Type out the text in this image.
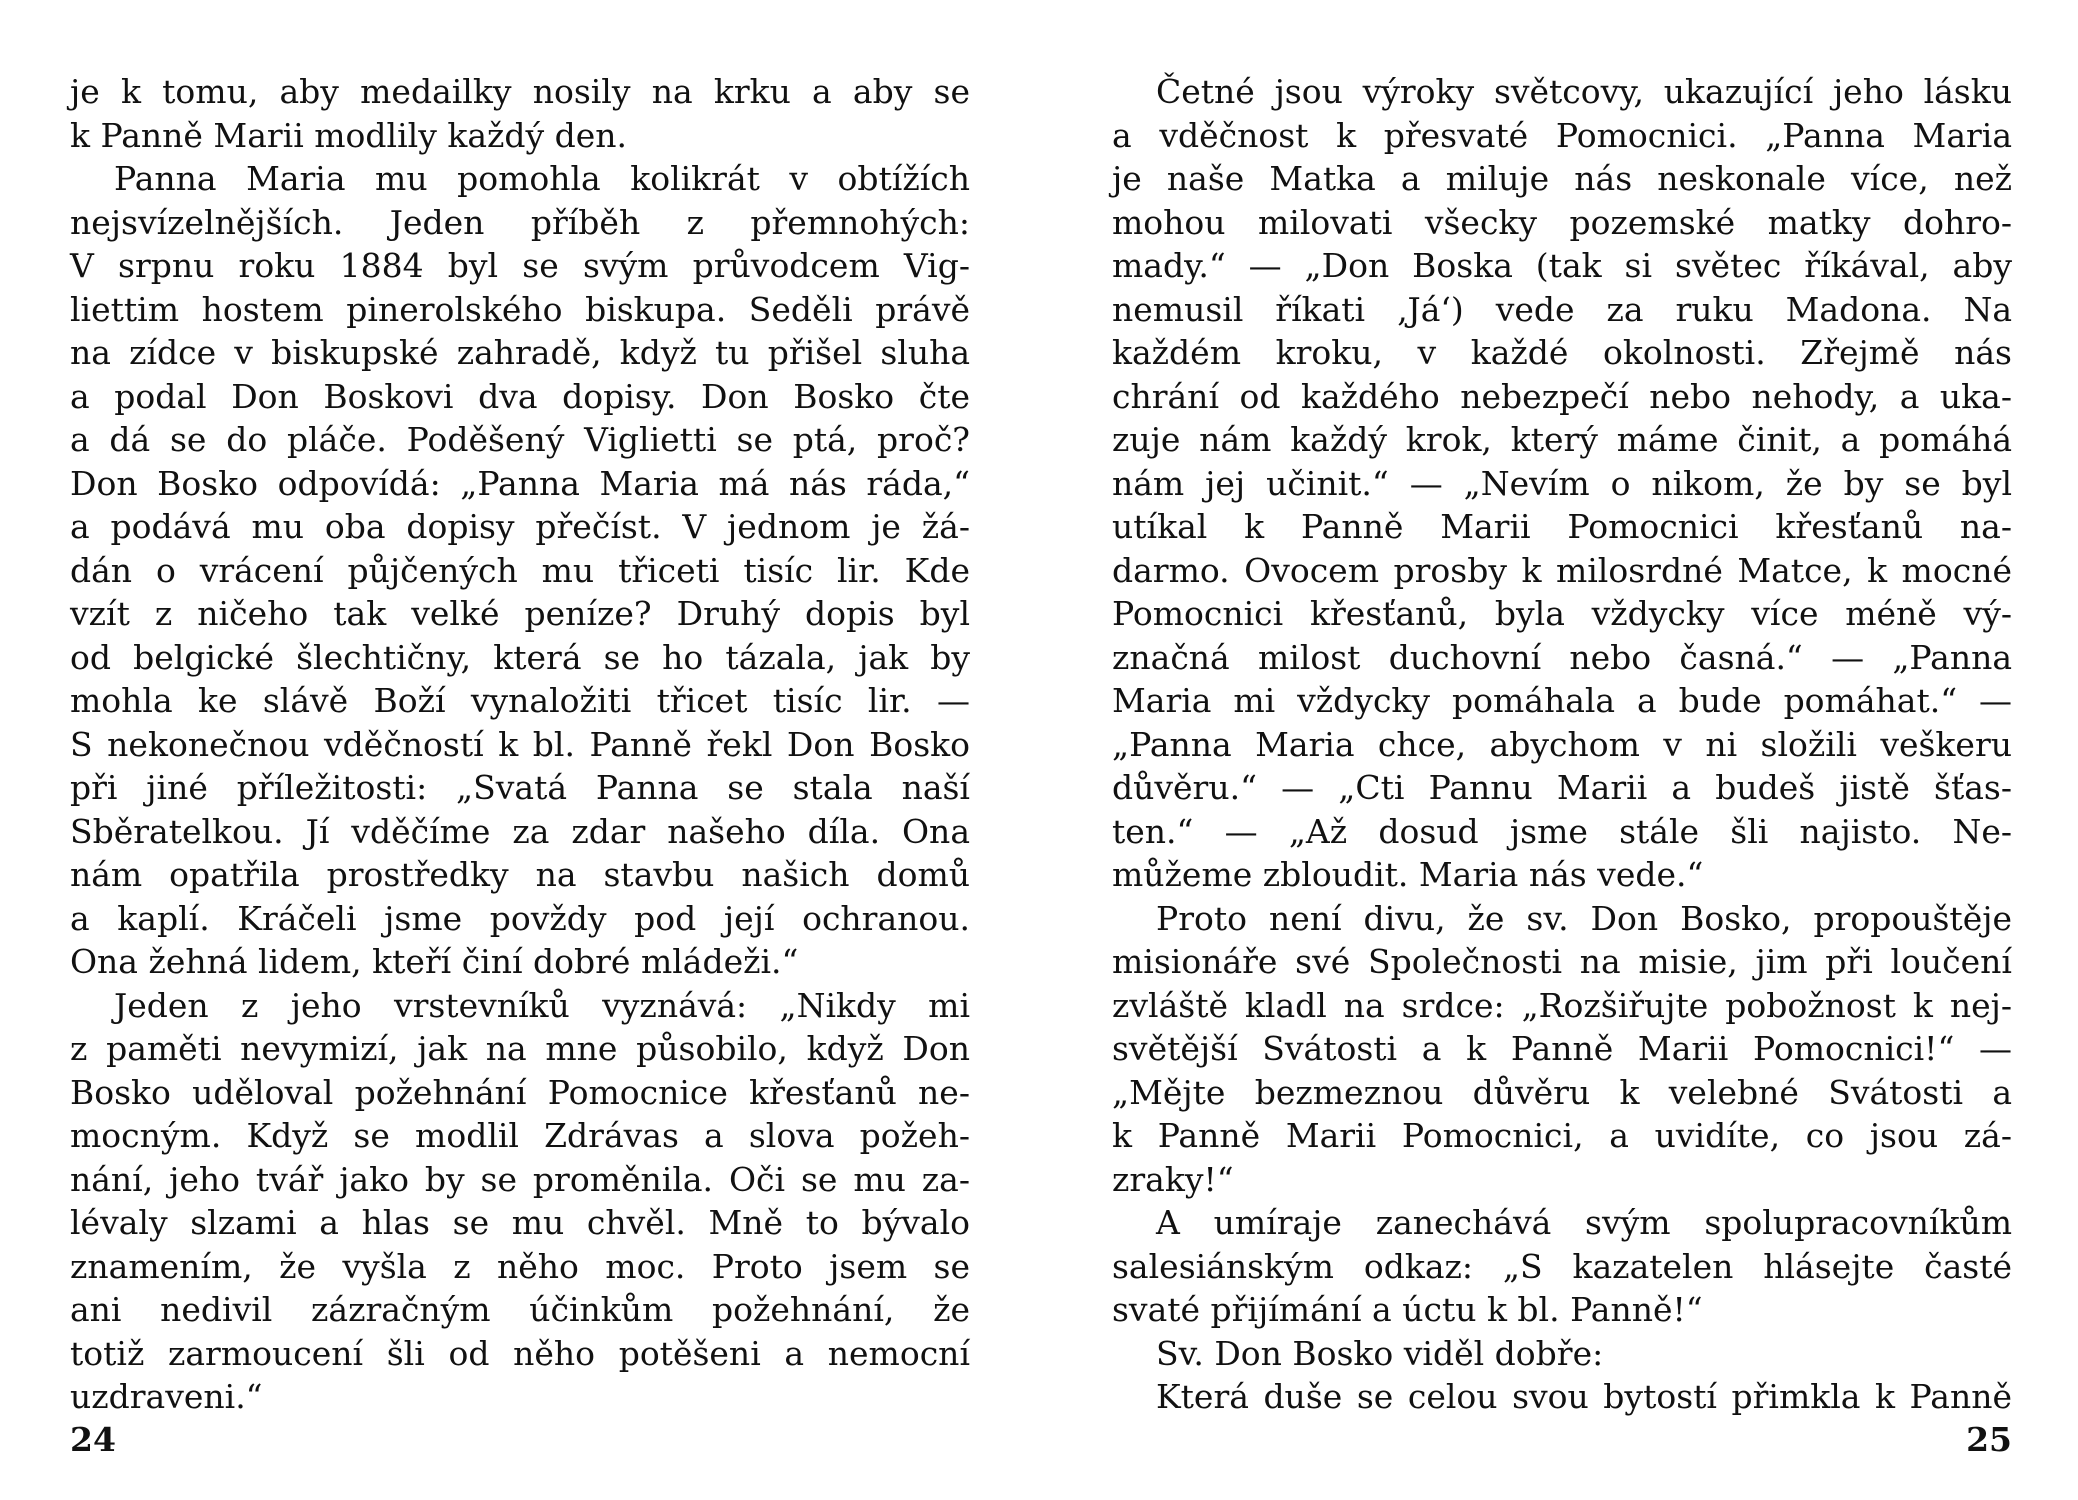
je k tomu, aby medailky nosily na krku a aby se
k Panně Marii modlily každý den.
Panna Maria mu pomohla kolikrát v obtížích
nejsvízelnějších. Jeden příběh z přemnohých:
V srpnu roku 1884 byl se svým průvodcem Vig-
liettim hostem pinerolského biskupa. Seděli právě
na zídce v biskupské zahradě, když tu přišel sluha
a podal Don Boskovi dva dopisy. Don Bosko čte
a dá se do pláče. Poděšený Viglietti se ptá, proč?
Don Bosko odpovídá: „Panna Maria má nás ráda,“
a podává mu oba dopisy přečíst. V jednom je žá-
dán o vrácení půjčených mu třiceti tisíc lir. Kde
vzít z ničeho tak velké peníze? Druhý dopis byl
od belgické šlechtičny, která se ho tázala, jak by
mohla ke slávě Boží vynaložiti třicet tisíc lir. —
S nekonečnou vděčností k bl. Panně řekl Don Bosko
při jiné příležitosti: „Svatá Panna se stala naší
Sběratelkou. Jí vděčíme za zdar našeho díla. Ona
nám opatřila prostředky na stavbu našich domů
a kaplí. Kráčeli jsme povždy pod její ochranou.
Ona žehná lidem, kteří činí dobré mládeži.“
Jeden z jeho vrstevníků vyznává: „Nikdy mi
z paměti nevymizí, jak na mne působilo, když Don
Bosko uděloval požehnání Pomocnice křesťanů ne-
mocným. Když se modlil Zdrávas a slova požeh-
nání, jeho tvář jako by se proměnila. Oči se mu za-
lévaly slzami a hlas se mu chvěl. Mně to bývalo
znamením, že vyšla z něho moc. Proto jsem se
ani nedivil zázračným účinkům požehnání, že
totiž zarmoucení šli od něho potěšeni a nemocní
uzdraveni.“
24
Četné jsou výroky světcovy, ukazující jeho lásku
a vděčnost k přesvaté Pomocnici. „Panna Maria
je naše Matka a miluje nás neskonale více, než
mohou milovati všecky pozemské matky dohro-
mady.“ — „Don Boska (tak si světec říkával, aby
nemusil říkati ‚Já‘) vede za ruku Madona. Na
každém kroku, v každé okolnosti. Zřejmě nás
chrání od každého nebezpečí nebo nehody, a uka-
zuje nám každý krok, který máme činit, a pomáhá
nám jej učinit.“ — „Nevím o nikom, že by se byl
utíkal k Panně Marii Pomocnici křesťanů na-
darmo. Ovocem prosby k milosrdné Matce, k mocné
Pomocnici křesťanů, byla vždycky více méně vý-
značná milost duchovní nebo časná.“ — „Panna
Maria mi vždycky pomáhala a bude pomáhat.“ —
„Panna Maria chce, abychom v ni složili veškeru
důvěru.“ — „Cti Pannu Marii a budeš jistě šťas-
ten.“ — „Až dosud jsme stále šli najisto. Ne-
můžeme zbloudit. Maria nás vede.“
Proto není divu, že sv. Don Bosko, propouštěje
misionáře své Společnosti na misie, jim při loučení
zvláště kladl na srdce: „Rozšiřujte pobožnost k nej-
světější Svátosti a k Panně Marii Pomocnici!“ —
„Mějte bezmeznou důvěru k velebné Svátosti a
k Panně Marii Pomocnici, a uvidíte, co jsou zá-
zraky!“
A umíraje zanechává svým spolupracovníkům
salesiánským odkaz: „S kazatelen hlásejte časté
svaté přijímání a úctu k bl. Panně!“
Sv. Don Bosko viděl dobře:
Která duše se celou svou bytostí přimkla k Panně
25
